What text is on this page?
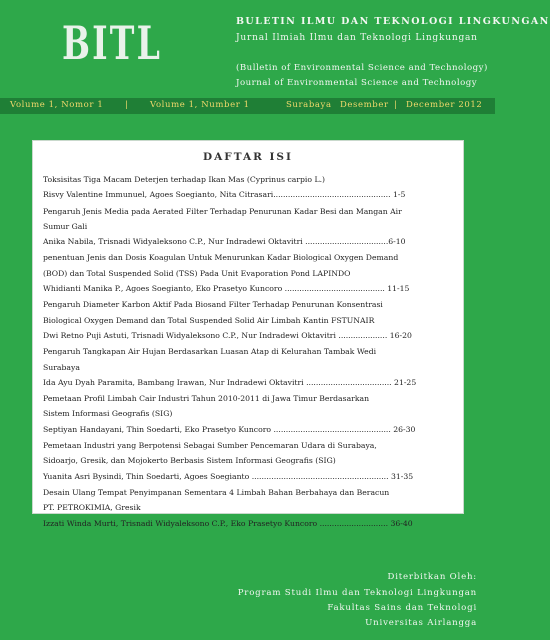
BITL	BULETIN ILMU DAN TEKNOLOGI LINGKUNGAN
Jurnal Ilmiah Ilmu dan Teknologi Lingkungan
(Bulletin of Environmental Science and Technology)
Journal of Environmental Science and Technology
Volume 1, Nomor 1	|	Volume 1, Number 1	Surabaya Desember | December 2012
DAFTAR ISI
Toksisitas Tiga Macam Deterjen terhadap Ikan Mas (Cyprinus carpio L.)
Risvy Valentine Immunuel, Agoes Soegianto, Nita Citrasari................................................ 1-5
Pengaruh Jenis Media pada Aerated Filter Terhadap Penurunan Kadar Besi dan Mangan Air
Sumur Gali
Anika Nabila, Trisnadi Widyaleksono C.P., Nur Indradewi Oktavitri ..................................6-10
penentuan Jenis dan Dosis Koagulan Untuk Menurunkan Kadar Biological Oxygen Demand
(BOD) dan Total Suspended Solid (TSS) Pada Unit Evaporation Pond LAPINDO
Whidianti Manika P., Agoes Soegianto, Eko Prasetyo Kuncoro ......................................... 11-15
Pengaruh Diameter Karbon Aktif Pada Biosand Filter Terhadap Penurunan Konsentrasi
Biological Oxygen Demand dan Total Suspended Solid Air Limbah Kantin FSTUNAIR
Dwi Retno Puji Astuti, Trisnadi Widyaleksono C.P., Nur Indradewi Oktavitri .................... 16-20
Pengaruh Tangkapan Air Hujan Berdasarkan Luasan Atap di Kelurahan Tambak Wedi
Surabaya
Ida Ayu Dyah Paramita, Bambang Irawan, Nur Indradewi Oktavitri ................................... 21-25
Pemetaan Profil Limbah Cair Industri Tahun 2010-2011 di Jawa Timur Berdasarkan
Sistem Informasi Geografis (SIG)
Septiyan Handayani, Thin Soedarti, Eko Prasetyo Kuncoro ................................................ 26-30
Pemetaan Industri yang Berpotensi Sebagai Sumber Pencemaran Udara di Surabaya,
Sidoarjo, Gresik, dan Mojokerto Berbasis Sistem Informasi Geografis (SIG)
Yuanita Asri Bysindi, Thin Soedarti, Agoes Soegianto ........................................................ 31-35
Desain Ulang Tempat Penyimpanan Sementara 4 Limbah Bahan Berbahaya dan Beracun
PT. PETROKIMIA, Gresik
Izzati Winda Murti, Trisnadi Widyaleksono C.P., Eko Prasetyo Kuncoro ............................ 36-40
Diterbitkan Oleh:
Program Studi Ilmu dan Teknologi Lingkungan
Fakultas Sains dan Teknologi
Universitas Airlangga
